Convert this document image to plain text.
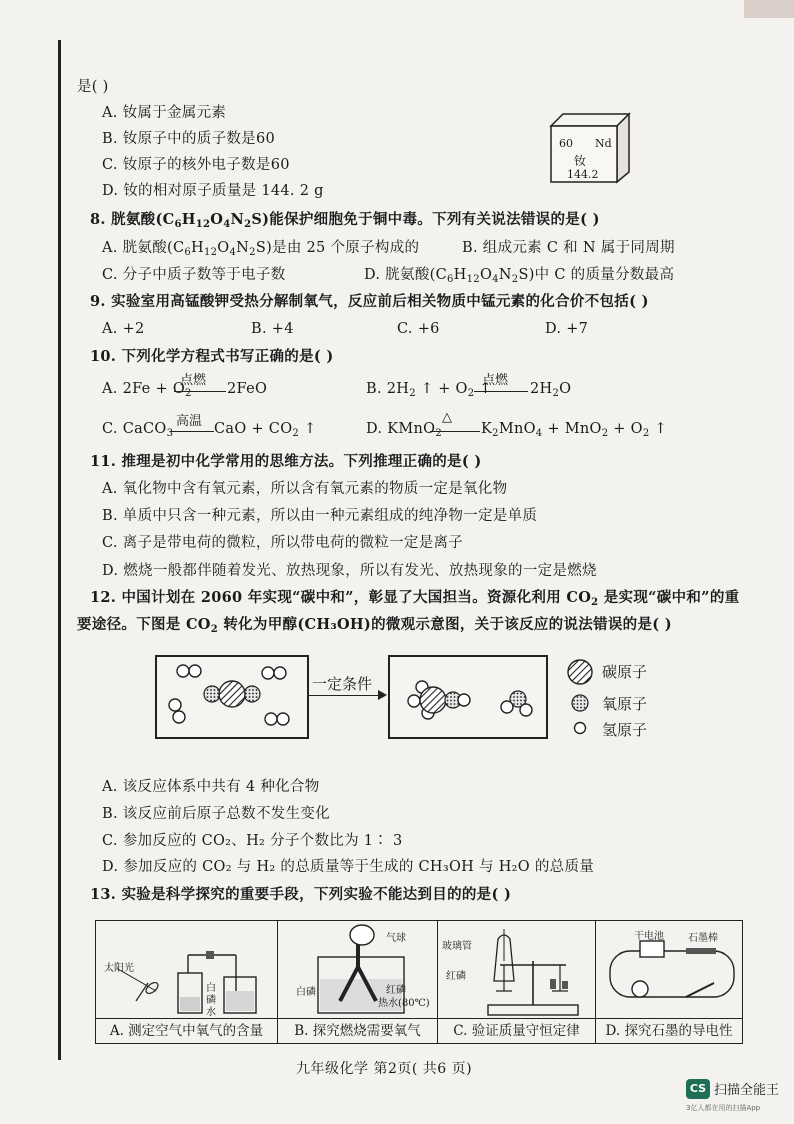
是( )
A. 钕属于金属元素
B. 钕原子中的质子数是60
C. 钕原子的核外电子数是60
D. 钕的相对原子质量是 144. 2 g
60 Nd
钕
144.2
8. 胱氨酸$(C_6H_{12}O_4N_2S)$能保护细胞免于铜中毒。下列有关说法错误的是( )
A. 胱氨酸$(C_6H_{12}O_4N_2S)$是由 25 个原子构成的	B. 组成元素 C 和 N 属于同周期
C. 分子中质子数等于电子数	D. 胱氨酸$(C_6H_{12}O_4N_2S)$中 C 的质量分数最高
9. 实验室用高锰酸钾受热分解制氧气，反应前后相关物质中锰元素的化合价不包括( )
A. +2	B. +4	C. +6	D. +7
10. 下列化学方程式书写正确的是( )
A. $2Fe + O_2$
点燃
2FeO	B. $2H_2$ ↑ + $O_2$ ↑
点燃
$2H_2O$
C. CaCO$_3$
高温 CaO + $CO_2$ ↑	D. KMnO$_2$
△
$K_2MnO_4 + MnO_2 + O_2$ ↑
11. 推理是初中化学常用的思维方法。下列推理正确的是( )
A. 氧化物中含有氧元素，所以含有氧元素的物质一定是氧化物
B. 单质中只含一种元素，所以由一种元素组成的纯净物一定是单质
C. 离子是带电荷的微粒，所以带电荷的微粒一定是离子
D. 燃烧一般都伴随着发光、放热现象，所以有发光、放热现象的一定是燃烧
12. 中国计划在 2060 年实现“碳中和”，彰显了大国担当。资源化利用 $CO_2$ 是实现“碳中和”的重
要途径。下图是 $CO_2$ 转化为甲醇(CH₃OH)的微观示意图，关于该反应的说法错误的是( )
一定条件
碳原子
氧原子
氢原子
A. 该反应体系中共有 4 种化合物
B. 该反应前后原子总数不发生变化
C. 参加反应的 CO₂、H₂ 分子个数比为 1∶ 3
D. 参加反应的 CO₂ 与 H₂ 的总质量等于生成的 CH₃OH 与 H₂O 的总质量
13. 实验是科学探究的重要手段，下列实验不能达到目的的是( )
太阳光
白
磷
水
A. 测定空气中氧气的含量
气球
白磷	红磷
热水(80℃)
B. 探究燃烧需要氧气
玻璃管
红磷
C. 验证质量守恒定律
干电池 石墨棒
D. 探究石墨的导电性
九年级化学 第2页( 共6 页)
CS 扫描全能王
3亿人都在用的扫描App
